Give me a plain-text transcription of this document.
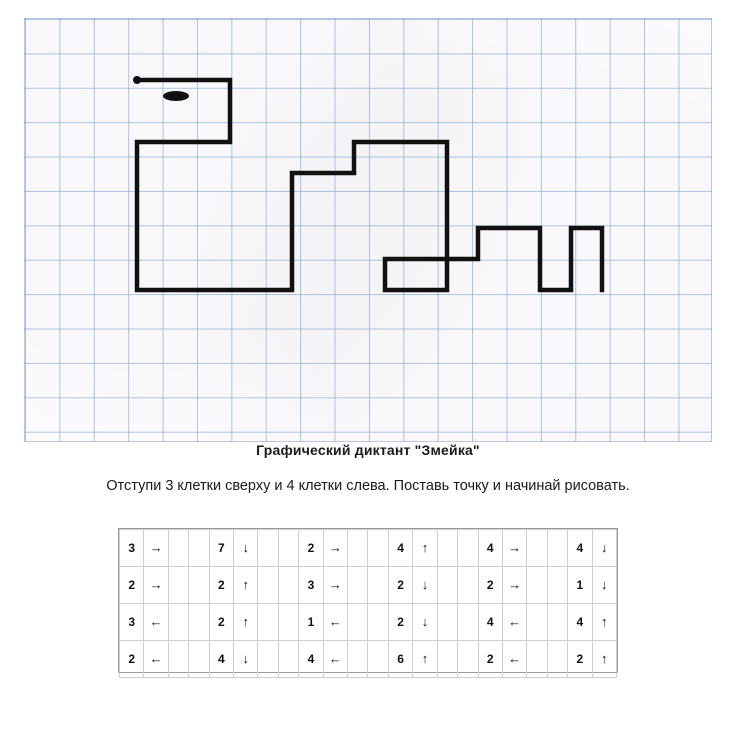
Графический диктант "Змейка"
Отступи 3 клетки сверху и 4 клетки слева. Поставь точку и начинай рисовать.
3	→			7	↓			2	→			4	↑			4	→			4	↓
2	→			2	↑			3	→			2	↓			2	→			1	↓
3	←			2	↑			1	←			2	↓			4	←			4	↑
2	←			4	↓			4	←			6	↑			2	←			2	↑
